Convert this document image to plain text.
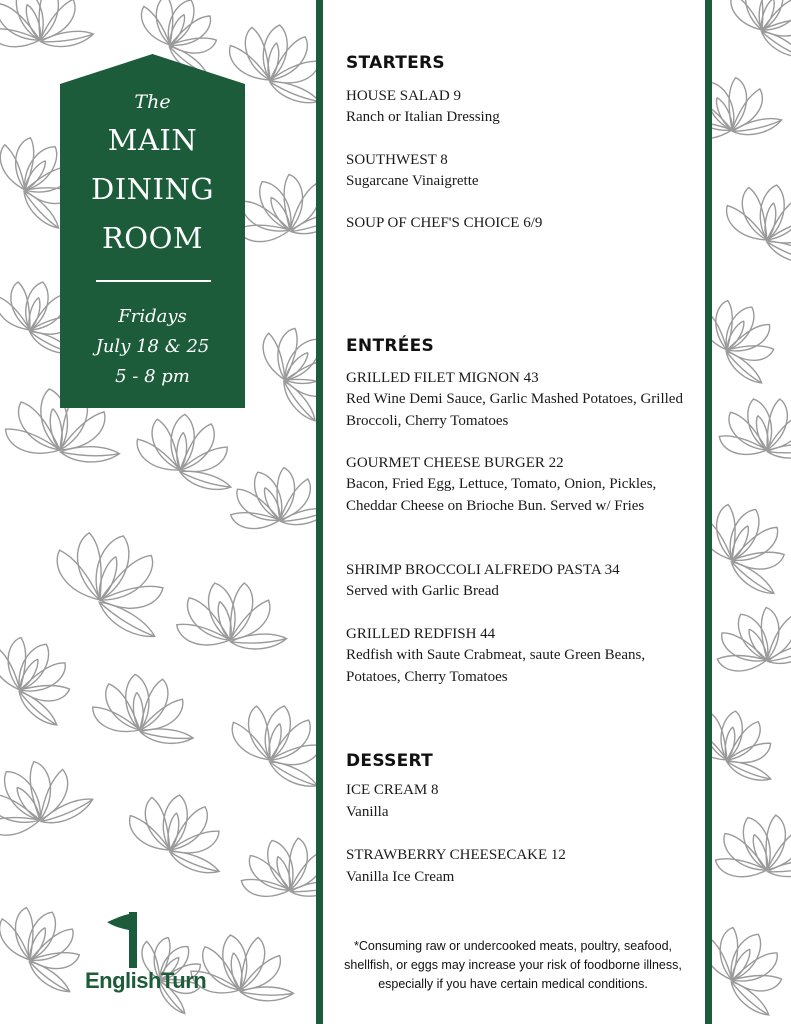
The
MAIN
DINING
ROOM
Fridays
July 18 & 25
5 - 8 pm
STARTERS
HOUSE SALAD 9
Ranch or Italian Dressing
SOUTHWEST 8
Sugarcane Vinaigrette
SOUP OF CHEF'S CHOICE 6/9
ENTRÉES
GRILLED FILET MIGNON 43
Red Wine Demi Sauce, Garlic Mashed Potatoes, Grilled Broccoli, Cherry Tomatoes
GOURMET CHEESE BURGER 22
Bacon, Fried Egg, Lettuce, Tomato, Onion, Pickles, Cheddar Cheese on Brioche Bun. Served w/ Fries
SHRIMP BROCCOLI ALFREDO PASTA 34
Served with Garlic Bread
GRILLED REDFISH 44
Redfish with Saute Crabmeat, saute Green Beans, Potatoes, Cherry Tomatoes
DESSERT
ICE CREAM 8
Vanilla
STRAWBERRY CHEESECAKE 12
Vanilla Ice Cream
*Consuming raw or undercooked meats, poultry, seafood, shellfish, or eggs may increase your risk of foodborne illness, especially if you have certain medical conditions.
EnglishTurn
